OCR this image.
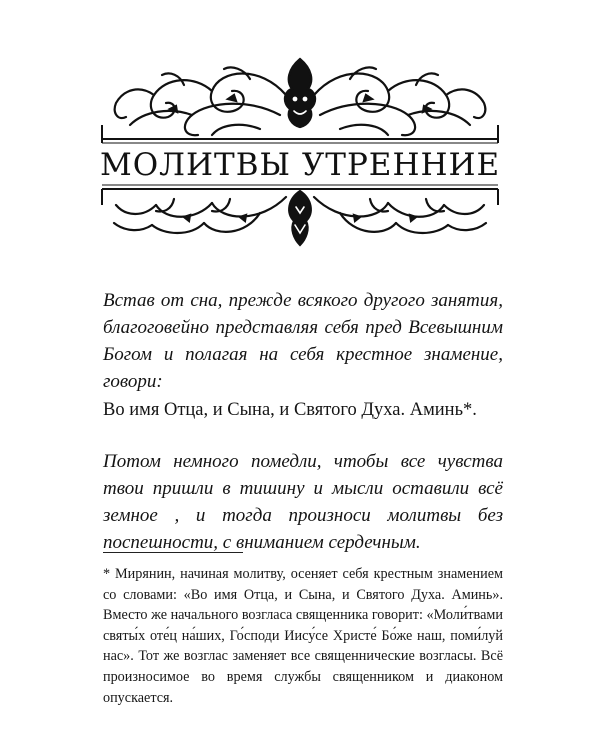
МОЛИТВЫ УТРЕННИЕ
Встав от сна, прежде всякого другого занятия, благоговейно представляя себя пред Всевышним Богом и полагая на себя крестное знамение, говори:
Во имя Отца, и Сына, и Святого Духа. Аминь*.
Потом немного помедли, чтобы все чувства твои пришли в тишину и мысли оставили всё земное , и тогда произноси молитвы без поспешности, с вниманием сердечным.
* Мирянин, начиная молитву, осеняет себя крестным знамением со словами: «Во имя Отца, и Сына, и Святого Духа. Аминь». Вместо же начального возгласа священника говорит: «Моли́твами святы́х оте́ц на́ших, Го́споди Иису́се Христе́ Бо́же наш, поми́луй нас». Тот же возглас заменяет все священнические возгласы. Всё произносимое во время службы священником и диаконом опускается.
